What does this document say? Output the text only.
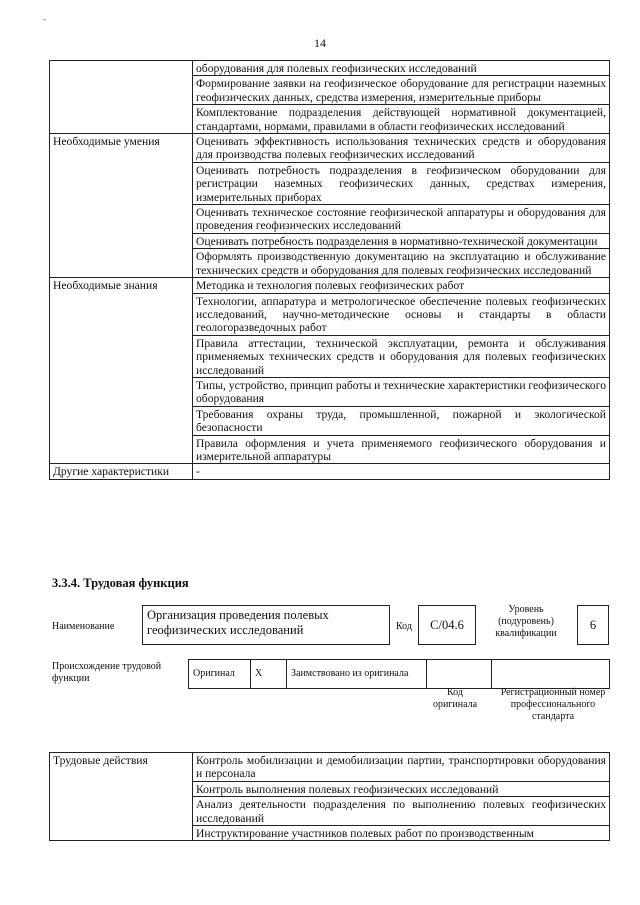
-
14
	оборудования для полевых геофизических исследований
	Формирование заявки на геофизическое оборудование для регистрации наземных геофизических данных, средства измерения, измерительные приборы
	Комплектование подразделения действующей нормативной документацией, стандартами, нормами, правилами в области геофизических исследований
Необходимые умения	Оценивать эффективность использования технических средств и оборудования для производства полевых геофизических исследований
	Оценивать потребность подразделения в геофизическом оборудовании для регистрации наземных геофизических данных, средствах измерения, измерительных приборах
	Оценивать техническое состояние геофизической аппаратуры и оборудования для проведения геофизических исследований
	Оценивать потребность подразделения в нормативно-технической документации
	Оформлять производственную документацию на эксплуатацию и обслуживание технических средств и оборудования для полевых геофизических исследований
Необходимые знания	Методика и технология полевых геофизических работ
	Технологии, аппаратура и метрологическое обеспечение полевых геофизических исследований, научно-методические основы и стандарты в области геологоразведочных работ
	Правила аттестации, технической эксплуатации, ремонта и обслуживания применяемых технических средств и оборудования для полевых геофизических исследований
	Типы, устройство, принцип работы и технические характеристики геофизического оборудования
	Требования охраны труда, промышленной, пожарной и экологической безопасности
	Правила оформления и учета применяемого геофизического оборудования и измерительной аппаратуры
Другие характеристики	-
3.3.4. Трудовая функция
Наименование
Организация проведения полевых геофизических исследований	Код	С/04.6
Уровень (подуровень) квалификации
6
Происхождение трудовой функции	Оригинал	X	Заимствовано из оригинала		
Код оригинала
Регистрационный номер профессионального стандарта
Трудовые действия	Контроль мобилизации и демобилизации партии, транспортировки оборудования и персонала
Контроль выполнения полевых геофизических исследований
Анализ деятельности подразделения по выполнению полевых геофизических исследований
Инструктирование участников полевых работ по производственным
